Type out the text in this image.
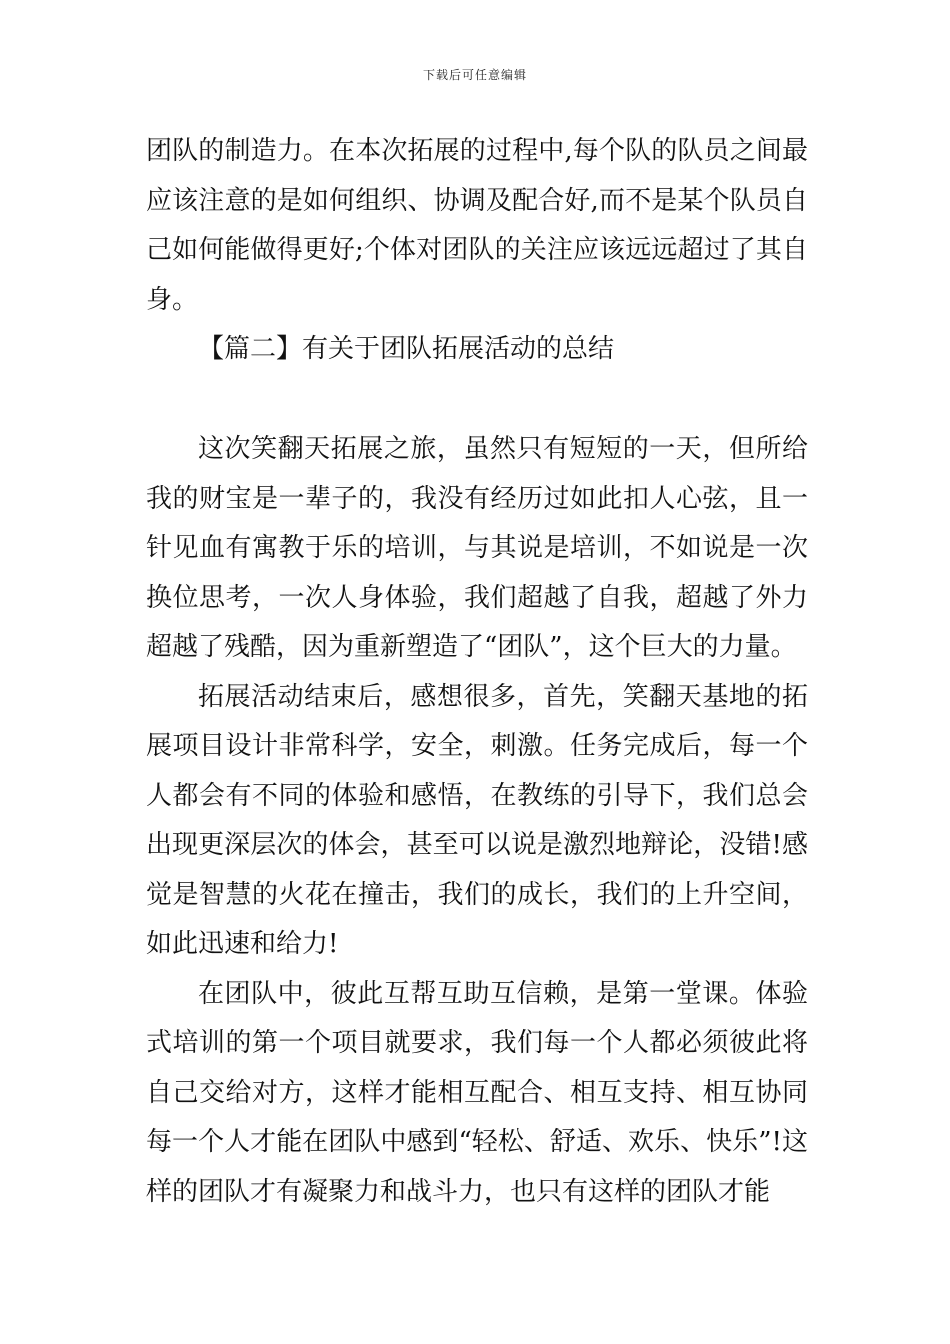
下载后可任意编辑

团队的制造力。在本次拓展的过程中,每个队的队员之间最应该注意的是如何组织、协调及配合好,而不是某个队员自己如何能做得更好;个体对团队的关注应该远远超过了其自身。

【篇二】有关于团队拓展活动的总结

这次笑翻天拓展之旅，虽然只有短短的一天，但所给我的财宝是一辈子的，我没有经历过如此扣人心弦，且一针见血有寓教于乐的培训，与其说是培训，不如说是一次换位思考，一次人身体验，我们超越了自我，超越了外力超越了残酷，因为重新塑造了“团队”，这个巨大的力量。

拓展活动结束后，感想很多，首先，笑翻天基地的拓展项目设计非常科学，安全，刺激。任务完成后，每一个人都会有不同的体验和感悟，在教练的引导下，我们总会出现更深层次的体会，甚至可以说是激烈地辩论，没错!感觉是智慧的火花在撞击，我们的成长，我们的上升空间，如此迅速和给力!

在团队中，彼此互帮互助互信赖，是第一堂课。体验式培训的第一个项目就要求，我们每一个人都必须彼此将自己交给对方，这样才能相互配合、相互支持、相互协同每一个人才能在团队中感到“轻松、舒适、欢乐、快乐”!这样的团队才有凝聚力和战斗力，也只有这样的团队才能
